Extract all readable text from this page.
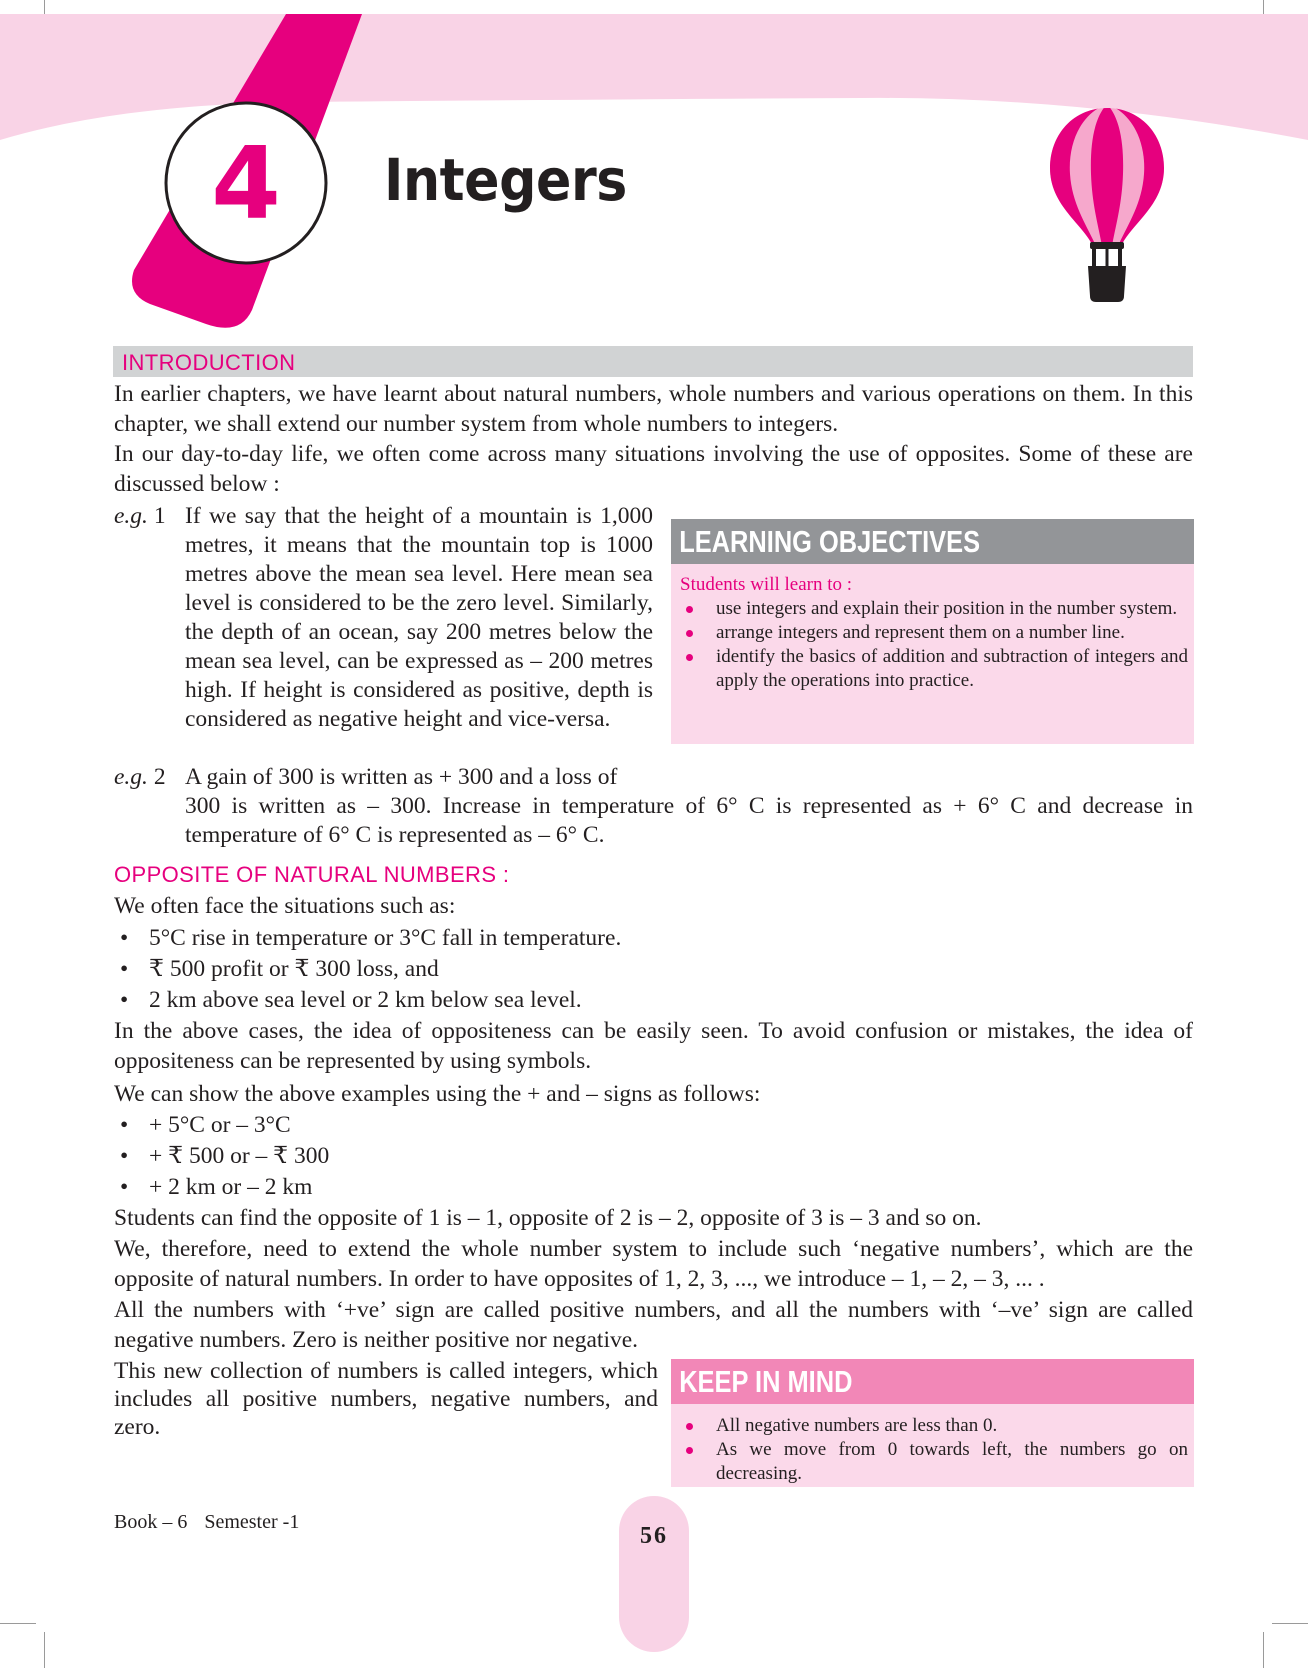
4	Integers
INTRODUCTION
In earlier chapters, we have learnt about natural numbers, whole numbers and various operations on them. In this chapter, we shall extend our number system from whole numbers to integers.
In our day-to-day life, we often come across many situations involving the use of opposites. Some of these are discussed below :
e.g. 1 If we say that the height of a mountain is 1,000 metres, it means that the mountain top is 1000 metres above the mean sea level. Here mean sea level is considered to be the zero level. Similarly, the depth of an ocean, say 200 metres below the mean sea level, can be expressed as – 200 metres high. If height is considered as positive, depth is considered as negative height and vice-versa.
e.g. 2 A gain of 300 is written as + 300 and a loss of
300 is written as – 300. Increase in temperature of 6° C is represented as + 6° C and decrease in temperature of 6° C is represented as – 6° C.
LEARNING OBJECTIVES
Students will learn to :
use integers and explain their position in the number system.
arrange integers and represent them on a number line.
identify the basics of addition and subtraction of integers and apply the operations into practice.
OPPOSITE OF NATURAL NUMBERS :
We often face the situations such as:
• 5°C rise in temperature or 3°C fall in temperature.
• ₹ 500 profit or ₹ 300 loss, and
• 2 km above sea level or 2 km below sea level.
In the above cases, the idea of oppositeness can be easily seen. To avoid confusion or mistakes, the idea of oppositeness can be represented by using symbols.
We can show the above examples using the + and – signs as follows:
• + 5°C or – 3°C
• + ₹ 500 or – ₹ 300
• + 2 km or – 2 km
Students can find the opposite of 1 is – 1, opposite of 2 is – 2, opposite of 3 is – 3 and so on.
We, therefore, need to extend the whole number system to include such ‘negative numbers’, which are the opposite of natural numbers. In order to have opposites of 1, 2, 3, ..., we introduce – 1, – 2, – 3, ... .
All the numbers with ‘+ve’ sign are called positive numbers, and all the numbers with ‘–ve’ sign are called negative numbers. Zero is neither positive nor negative.
This new collection of numbers is called integers, which includes all positive numbers, negative numbers, and zero.
KEEP IN MIND
All negative numbers are less than 0.
As we move from 0 towards left, the numbers go on decreasing.
Book – 6 Semester -1
56
